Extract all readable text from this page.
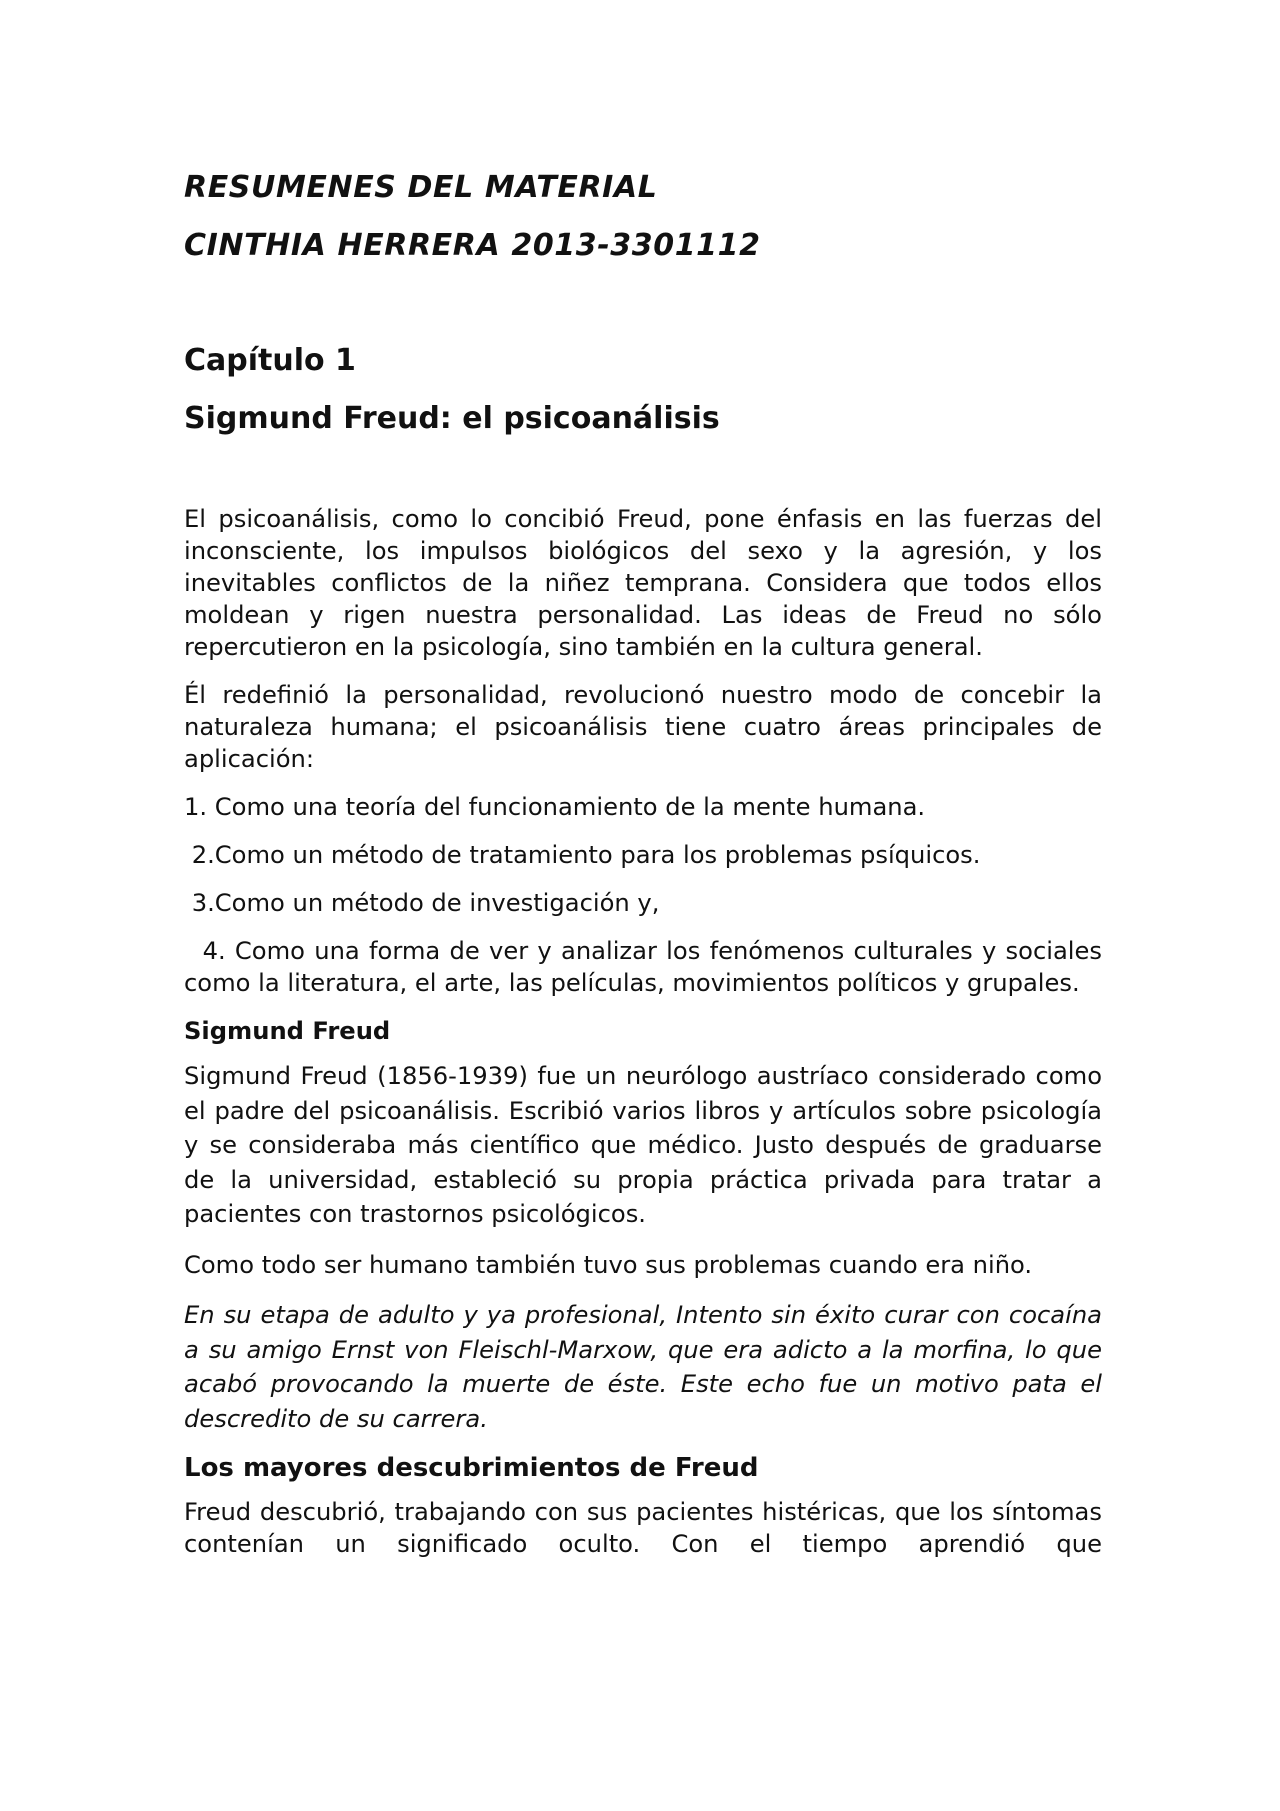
RESUMENES DEL MATERIAL
CINTHIA HERRERA 2013-3301112
Capítulo 1
Sigmund Freud: el psicoanálisis

El psicoanálisis, como lo concibió Freud, pone énfasis en las fuerzas del inconsciente, los impulsos biológicos del sexo y la agresión, y los inevitables conflictos de la niñez temprana. Considera que todos ellos moldean y rigen nuestra personalidad. Las ideas de Freud no sólo repercutieron en la psicología, sino también en la cultura general.

Él redefinió la personalidad, revolucionó nuestro modo de concebir la naturaleza humana; el psicoanálisis tiene cuatro áreas principales de aplicación:

1. Como una teoría del funcionamiento de la mente humana.
2.Como un método de tratamiento para los problemas psíquicos.
3.Como un método de investigación y,
4. Como una forma de ver y analizar los fenómenos culturales y sociales como la literatura, el arte, las películas, movimientos políticos y grupales.
Sigmund Freud

Sigmund Freud (1856-1939) fue un neurólogo austríaco considerado como el padre del psicoanálisis. Escribió varios libros y artículos sobre psicología y se consideraba más científico que médico. Justo después de graduarse de la universidad, estableció su propia práctica privada para tratar a pacientes con trastornos psicológicos.

Como todo ser humano también tuvo sus problemas cuando era niño.

En su etapa de adulto y ya profesional, Intento sin éxito curar con cocaína a su amigo Ernst von Fleischl-Marxow, que era adicto a la morfina, lo que acabó provocando la muerte de éste. Este echo fue un motivo pata el descredito de su carrera.

Los mayores descubrimientos de Freud

Freud descubrió, trabajando con sus pacientes histéricas, que los síntomas contenían un significado oculto. Con el tiempo aprendió que
